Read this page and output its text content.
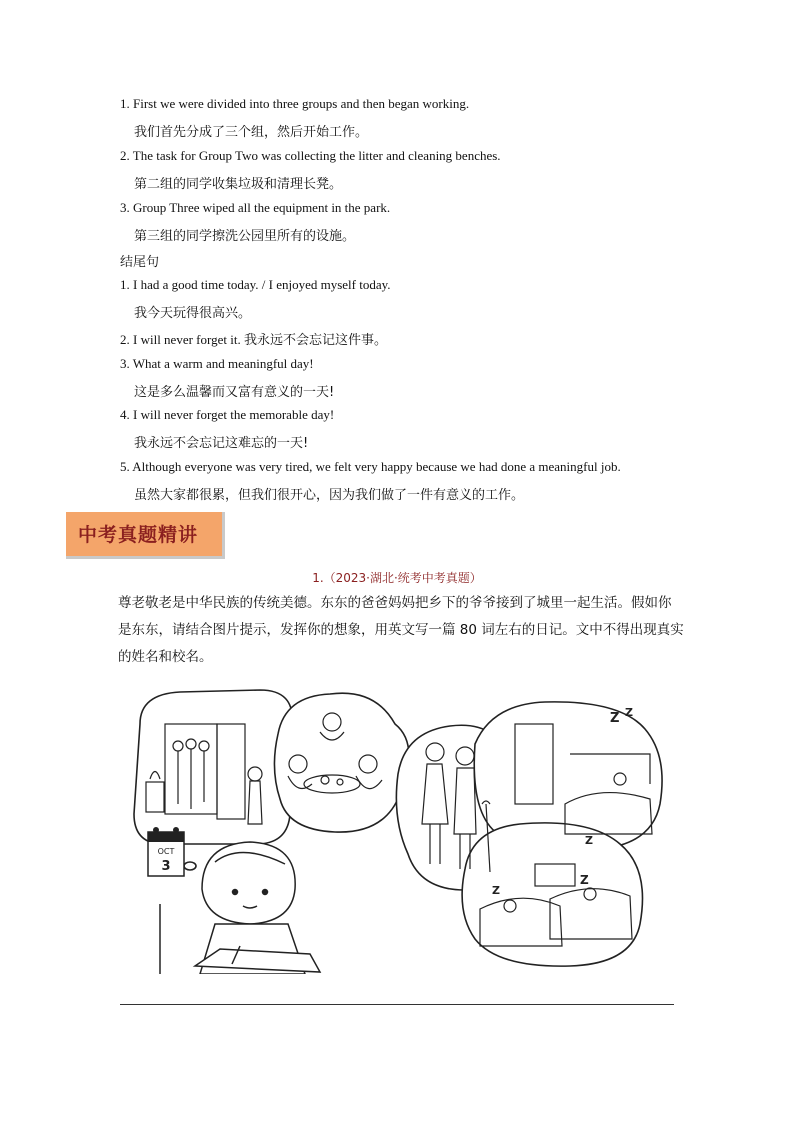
1. First we were divided into three groups and then began working.
我们首先分成了三个组，然后开始工作。
2. The task for Group Two was collecting the litter and cleaning benches.
第二组的同学收集垃圾和清理长凳。
3. Group Three wiped all the equipment in the park.
第三组的同学擦洗公园里所有的设施。
结尾句
1. I had a good time today. / I enjoyed myself today.
我今天玩得很高兴。
2. I will never forget it. 我永远不会忘记这件事。
3. What a warm and meaningful day!
这是多么温馨而又富有意义的一天!
4. I will never forget the memorable day!
我永远不会忘记这难忘的一天!
5. Although everyone was very tired, we felt very happy because we had done a meaningful job.
虽然大家都很累，但我们很开心，因为我们做了一件有意义的工作。
中考真题精讲
1.（2023·湖北·统考中考真题）
尊老敬老是中华民族的传统美德。东东的爸爸妈妈把乡下的爷爷接到了城里一起生活。假如你是东东，请结合图片提示，发挥你的想象，用英文写一篇 80 词左右的日记。文中不得出现真实的姓名和校名。
Z Z
Z
Z
Z
OCT
3
